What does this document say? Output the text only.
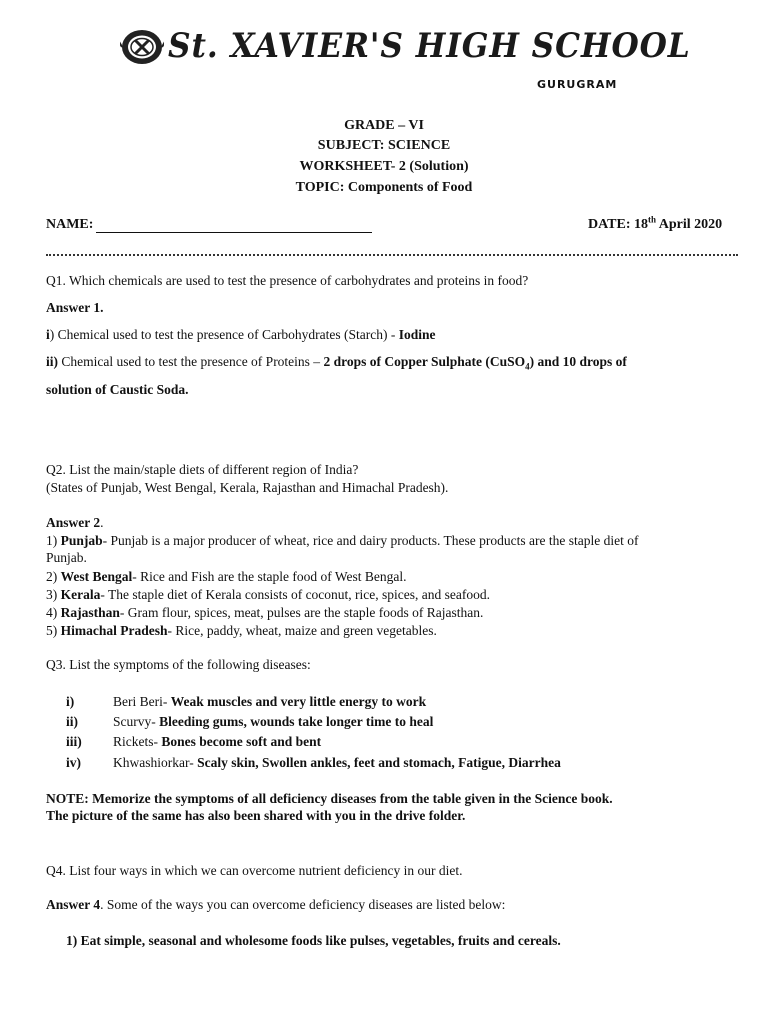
St. XAVIER'S HIGH SCHOOL
GURUGRAM
GRADE – VI
SUBJECT: SCIENCE
WORKSHEET- 2 (Solution)
TOPIC: Components of Food
NAME:	DATE: 18th April 2020
Q1. Which chemicals are used to test the presence of carbohydrates and proteins in food?
Answer 1.
i) Chemical used to test the presence of Carbohydrates (Starch) - Iodine
ii) Chemical used to test the presence of Proteins – 2 drops of Copper Sulphate (CuSO$_4$) and 10 drops of
solution of Caustic Soda.
Q2. List the main/staple diets of different region of India?
(States of Punjab, West Bengal, Kerala, Rajasthan and Himachal Pradesh).
Answer 2.
1) Punjab- Punjab is a major producer of wheat, rice and dairy products. These products are the staple diet of
Punjab.
2) West Bengal- Rice and Fish are the staple food of West Bengal.
3) Kerala- The staple diet of Kerala consists of coconut, rice, spices, and seafood.
4) Rajasthan- Gram flour, spices, meat, pulses are the staple foods of Rajasthan.
5) Himachal Pradesh- Rice, paddy, wheat, maize and green vegetables.
Q3. List the symptoms of the following diseases:
i)	Beri Beri- Weak muscles and very little energy to work
ii)	Scurvy- Bleeding gums, wounds take longer time to heal
iii) Rickets- Bones become soft and bent
iv) Khwashiorkar- Scaly skin, Swollen ankles, feet and stomach, Fatigue, Diarrhea
NOTE: Memorize the symptoms of all deficiency diseases from the table given in the Science book.
The picture of the same has also been shared with you in the drive folder.
Q4. List four ways in which we can overcome nutrient deficiency in our diet.
Answer 4. Some of the ways you can overcome deficiency diseases are listed below:
1) Eat simple, seasonal and wholesome foods like pulses, vegetables, fruits and cereals.
